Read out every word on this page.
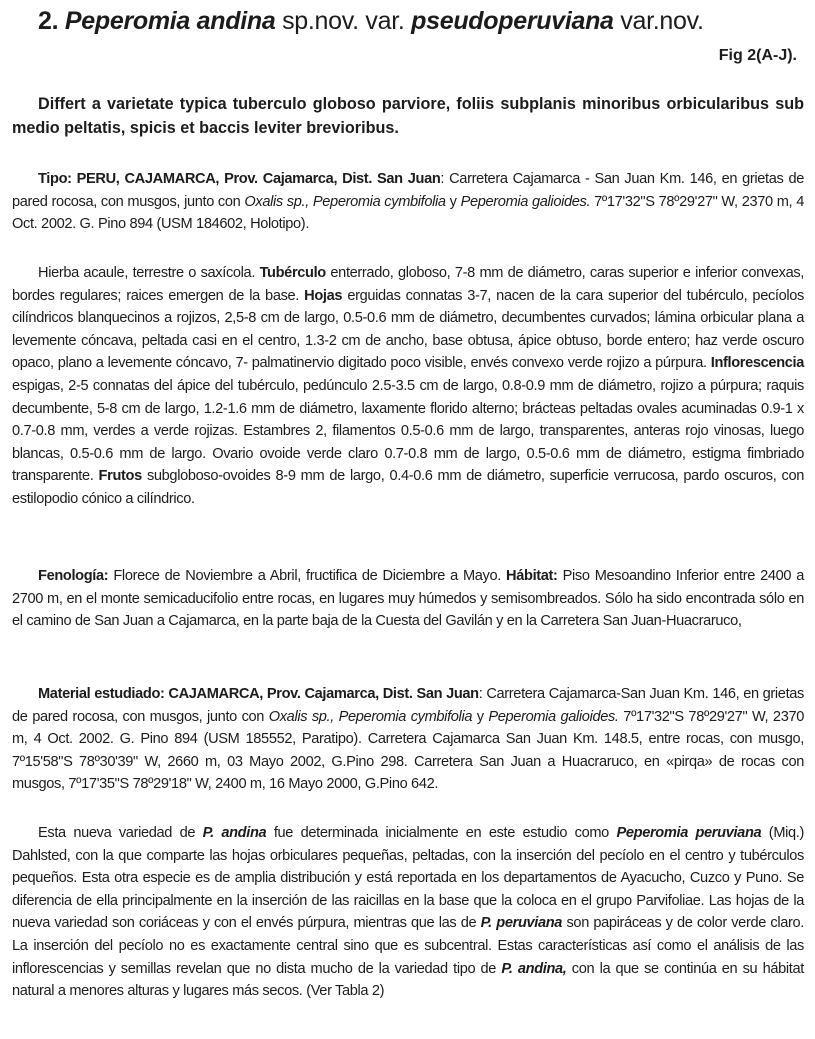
2. Peperomia andina sp.nov. var. pseudoperuviana var.nov.
Fig 2(A-J).
Differt a varietate typica tuberculo globoso parviore, foliis subplanis minoribus orbicularibus sub medio peltatis, spicis et baccis leviter brevioribus.
Tipo: PERU, CAJAMARCA, Prov. Cajamarca, Dist. San Juan: Carretera Cajamarca - San Juan Km. 146, en grietas de pared rocosa, con musgos, junto con Oxalis sp., Peperomia cymbifolia y Peperomia galioides. 7º17'32"S 78º29'27" W, 2370 m, 4 Oct. 2002. G. Pino 894 (USM 184602, Holotipo).
Hierba acaule, terrestre o saxícola. Tubérculo enterrado, globoso, 7-8 mm de diámetro, caras superior e inferior convexas, bordes regulares; raices emergen de la base. Hojas erguidas connatas 3-7, nacen de la cara superior del tubérculo, pecíolos cilíndricos blanquecinos a rojizos, 2,5-8 cm de largo, 0.5-0.6 mm de diámetro, decumbentes curvados; lámina orbicular plana a levemente cóncava, peltada casi en el centro, 1.3-2 cm de ancho, base obtusa, ápice obtuso, borde entero; haz verde oscuro opaco, plano a levemente cóncavo, 7- palmatinervio digitado poco visible, envés convexo verde rojizo a púrpura. Inflorescencia espigas, 2-5 connatas del ápice del tubérculo, pedúnculo 2.5-3.5 cm de largo, 0.8-0.9 mm de diámetro, rojizo a púrpura; raquis decumbente, 5-8 cm de largo, 1.2-1.6 mm de diámetro, laxamente florido alterno; brácteas peltadas ovales acuminadas 0.9-1 x 0.7-0.8 mm, verdes a verde rojizas. Estambres 2, filamentos 0.5-0.6 mm de largo, transparentes, anteras rojo vinosas, luego blancas, 0.5-0.6 mm de largo. Ovario ovoide verde claro 0.7-0.8 mm de largo, 0.5-0.6 mm de diámetro, estigma fimbriado transparente. Frutos subgloboso-ovoides 8-9 mm de largo, 0.4-0.6 mm de diámetro, superficie verrucosa, pardo oscuros, con estilopodio cónico a cilíndrico.
Fenología: Florece de Noviembre a Abril, fructifica de Diciembre a Mayo. Hábitat: Piso Mesoandino Inferior entre 2400 a 2700 m, en el monte semicaducifolio entre rocas, en lugares muy húmedos y semisombreados. Sólo ha sido encontrada sólo en el camino de San Juan a Cajamarca, en la parte baja de la Cuesta del Gavilán y en la Carretera San Juan-Huacraruco,
Material estudiado: CAJAMARCA, Prov. Cajamarca, Dist. San Juan: Carretera Cajamarca-San Juan Km. 146, en grietas de pared rocosa, con musgos, junto con Oxalis sp., Peperomia cymbifolia y Peperomia galioides. 7º17'32"S 78º29'27" W, 2370 m, 4 Oct. 2002. G. Pino 894 (USM 185552, Paratipo). Carretera Cajamarca San Juan Km. 148.5, entre rocas, con musgo, 7º15'58"S 78º30'39" W, 2660 m, 03 Mayo 2002, G.Pino 298. Carretera San Juan a Huacraruco, en «pirqa» de rocas con musgos, 7º17'35"S 78º29'18" W, 2400 m, 16 Mayo 2000, G.Pino 642.
Esta nueva variedad de P. andina fue determinada inicialmente en este estudio como Peperomia peruviana (Miq.) Dahlsted, con la que comparte las hojas orbiculares pequeñas, peltadas, con la inserción del pecíolo en el centro y tubérculos pequeños. Esta otra especie es de amplia distribución y está reportada en los departamentos de Ayacucho, Cuzco y Puno. Se diferencia de ella principalmente en la inserción de las raicillas en la base que la coloca en el grupo Parvifoliae. Las hojas de la nueva variedad son coriáceas y con el envés púrpura, mientras que las de P. peruviana son papiráceas y de color verde claro. La inserción del pecíolo no es exactamente central sino que es subcentral. Estas características así como el análisis de las inflorescencias y semillas revelan que no dista mucho de la variedad tipo de P. andina, con la que se continúa en su hábitat natural a menores alturas y lugares más secos. (Ver Tabla 2)
